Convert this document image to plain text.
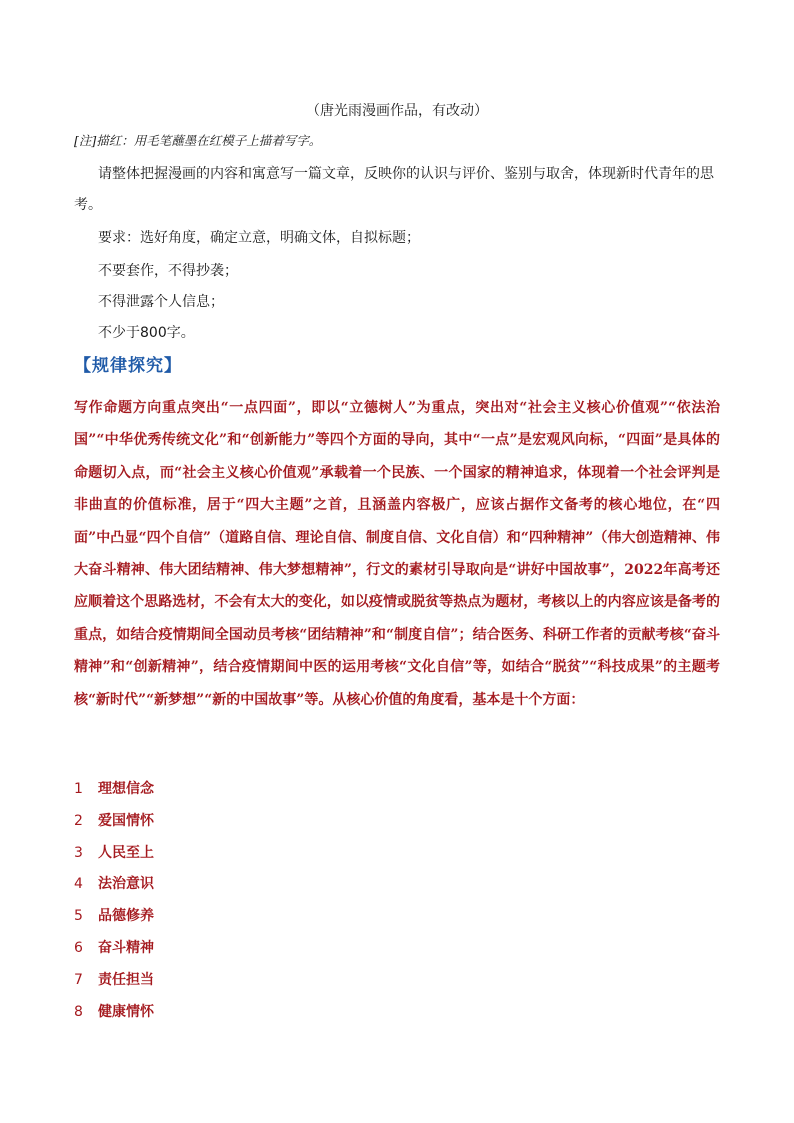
（唐光雨漫画作品，有改动）
[注]描红：用毛笔蘸墨在红模子上描着写字。
请整体把握漫画的内容和寓意写一篇文章，反映你的认识与评价、鉴别与取舍，体现新时代青年的思考。
要求：选好角度，确定立意，明确文体，自拟标题；
不要套作，不得抄袭；
不得泄露个人信息；
不少于800字。
【规律探究】
写作命题方向重点突出“一点四面”，即以“立德树人”为重点，突出对“社会主义核心价值观”“依法治国”“中华优秀传统文化”和“创新能力”等四个方面的导向，其中“一点”是宏观风向标，“四面”是具体的命题切入点，而“社会主义核心价值观”承载着一个民族、一个国家的精神追求，体现着一个社会评判是非曲直的价值标准，居于“四大主题”之首，且涵盖内容极广，应该占据作文备考的核心地位，在“四面”中凸显“四个自信”（道路自信、理论自信、制度自信、文化自信）和“四种精神”（伟大创造精神、伟大奋斗精神、伟大团结精神、伟大梦想精神”，行文的素材引导取向是“讲好中国故事”，2022年高考还应顺着这个思路选材，不会有太大的变化，如以疫情或脱贫等热点为题材，考核以上的内容应该是备考的重点，如结合疫情期间全国动员考核“团结精神”和“制度自信”；结合医务、科研工作者的贡献考核“奋斗精神”和“创新精神”，结合疫情期间中医的运用考核“文化自信”等，如结合“脱贫”“科技成果”的主题考核“新时代”“新梦想”“新的中国故事”等。从核心价值的角度看，基本是十个方面：
1 理想信念
2 爱国情怀
3 人民至上
4 法治意识
5 品德修养
6 奋斗精神
7 责任担当
8 健康情怀
